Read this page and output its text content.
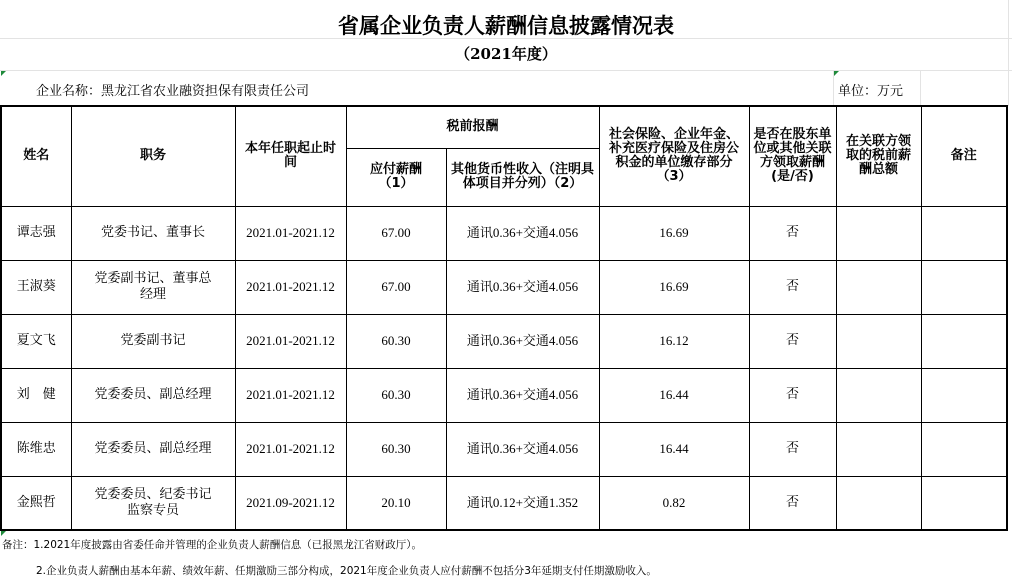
省属企业负责人薪酬信息披露情况表
（2021年度）
企业名称：黑龙江省农业融资担保有限责任公司	单位：万元
姓名	职务	本年任职起止时间	税前报酬		社会保险、企业年金、补充医疗保险及住房公积金的单位缴存部分（3）	是否在股东单位或其他关联方领取薪酬(是/否)	在关联方领取的税前薪酬总额	备注

			应付薪酬（1）	其他货币性收入（注明具体项目并分列）（2）				

谭志强	党委书记、董事长	2021.01-2021.12	67.00	通讯0.36+交通4.056	16.69	否		
王淑葵	党委副书记、董事总经理	2021.01-2021.12	67.00	通讯0.36+交通4.056	16.69	否		
夏文飞	党委副书记	2021.01-2021.12	60.30	通讯0.36+交通4.056	16.12	否		
刘　健	党委委员、副总经理	2021.01-2021.12	60.30	通讯0.36+交通4.056	16.44	否		
陈维忠	党委委员、副总经理	2021.01-2021.12	60.30	通讯0.36+交通4.056	16.44	否		
金熙哲	党委委员、纪委书记监察专员	2021.09-2021.12	20.10	通讯0.12+交通1.352	0.82	否		
备注：1.2021年度披露由省委任命并管理的企业负责人薪酬信息（已报黑龙江省财政厅）。
2.企业负责人薪酬由基本年薪、绩效年薪、任期激励三部分构成，2021年度企业负责人应付薪酬不包括分3年延期支付任期激励收入。
